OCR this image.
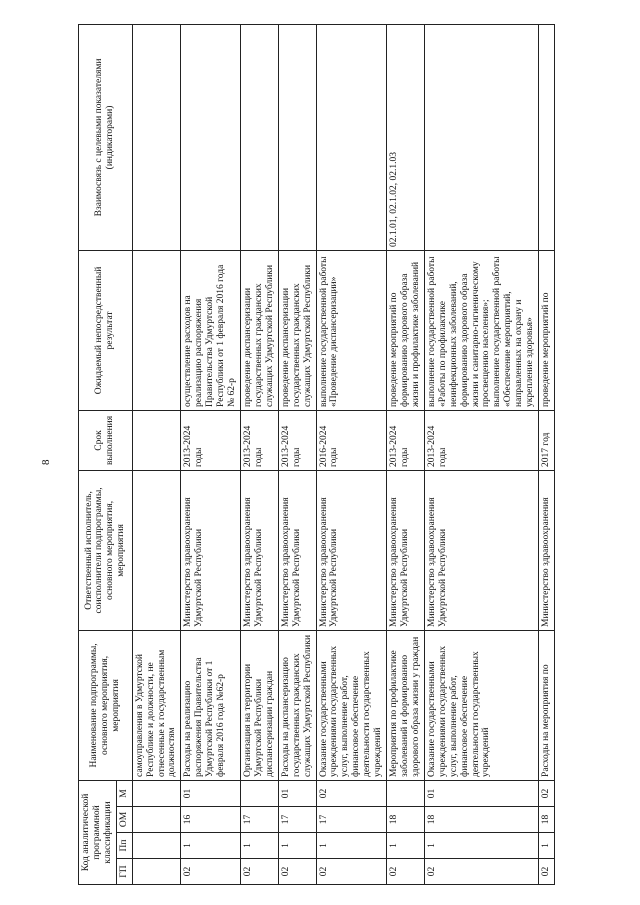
8
Код аналитической программной классификации				Наименование подпрограммы, основного мероприятия, мероприятия	Ответственный исполнитель, соисполнители подпрограммы, основного мероприятия, мероприятия	Срок выполнения	Ожидаемый непосредственный результат	Взаимосвязь с целевыми показателями (индикаторами)
ГП	Пп	ОМ	М					
				самоуправления в Удмуртской Республике и должности, не отнесенные к государственным должностям				
02	1	16	01	Расходы на реализацию распоряжения Правительства Удмуртской Республики от 1 февраля 2016 года №62-р	Министерство здравоохранения Удмуртской Республики	2013-2024 годы	осуществление расходов на реализацию распоряжения Правительства Удмуртской Республики от 1 февраля 2016 года № 62-р	
02	1	17		Организация на территории Удмуртской Республики диспансеризации граждан	Министерство здравоохранения Удмуртской Республики	2013-2024 годы	проведение диспансеризации государственных гражданских служащих Удмуртской Республики	
02	1	17	01	Расходы на диспансеризацию государственных гражданских служащих Удмуртской Республики	Министерство здравоохранения Удмуртской Республики	2013-2024 годы	проведение диспансеризации государственных гражданских служащих Удмуртской Республики	
02	1	17	02	Оказание государственными учреждениями государственных услуг, выполнение работ, финансовое обеспечение деятельности государственных учреждений	Министерство здравоохранения Удмуртской Республики	2016-2024 годы	выполнение государственной работы «Проведение диспансеризации»	
02	1	18		Мероприятия по профилактике заболеваний и формированию здорового образа жизни у граждан	Министерство здравоохранения Удмуртской Республики	2013-2024 годы	проведение мероприятий по формированию здорового образа жизни и профилактике заболеваний	02.1.01, 02.1.02, 02.1.03
02	1	18	01	Оказание государственными учреждениями государственных услуг, выполнение работ, финансовое обеспечение деятельности государственных учреждений	Министерство здравоохранения Удмуртской Республики	2013-2024 годы	выполнение государственной работы «Работы по профилактике неинфекционных заболеваний, формированию здорового образа жизни и санитарно-гигиеническому просвещению населения»; выполнение государственной работы «Обеспечение мероприятий, направленных на охрану и укрепление здоровья»	
02	1	18	02	Расходы на мероприятия по	Министерство здравоохранения	2017 год	проведение мероприятий по	
